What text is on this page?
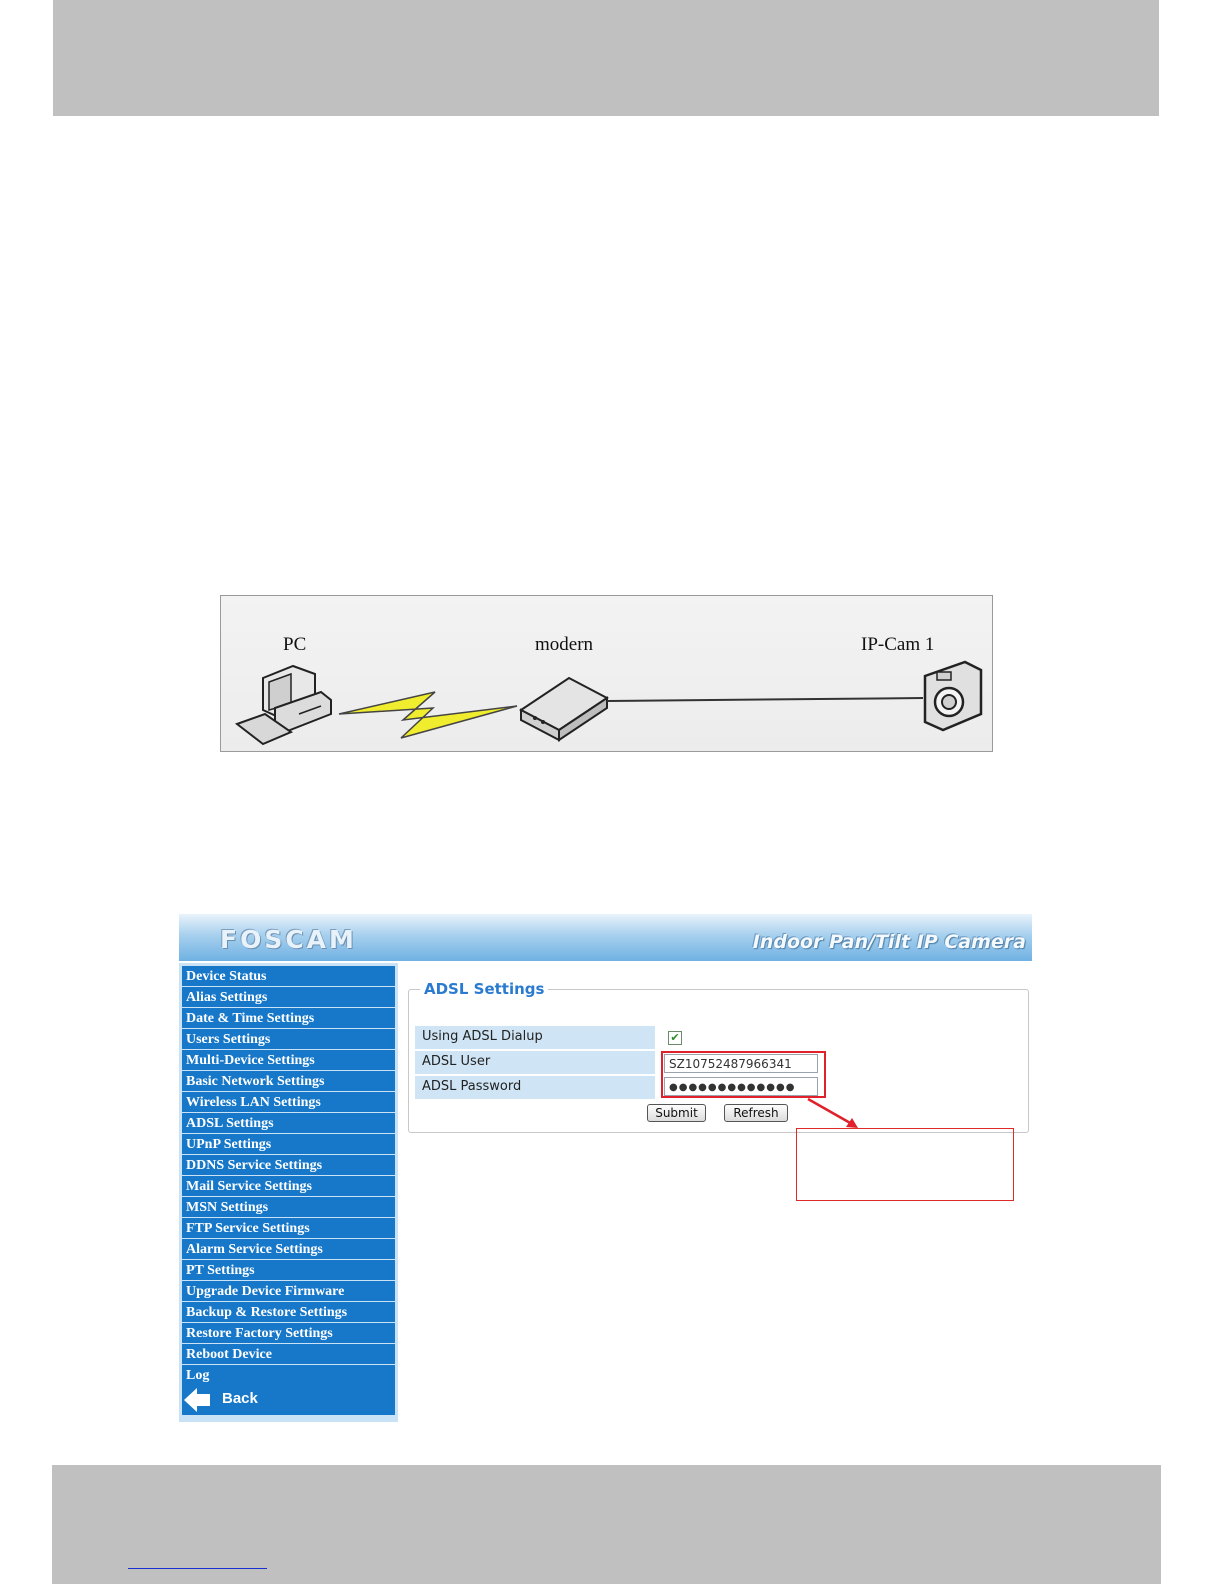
PC	modern	IP-Cam 1
FOSCAM	Indoor Pan/Tilt IP Camera
Device Status
Alias Settings
Date & Time Settings
Users Settings
Multi-Device Settings
Basic Network Settings
Wireless LAN Settings
ADSL Settings
UPnP Settings
DDNS Service Settings
Mail Service Settings
MSN Settings
FTP Service Settings
Alarm Service Settings
PT Settings
Upgrade Device Firmware
Backup & Restore Settings
Restore Factory Settings
Reboot Device
Log
Back
ADSL Settings
Using ADSL Dialup	✔
ADSL User	SZ10752487966341
ADSL Password	●●●●●●●●●●●●●
Submit	Refresh
